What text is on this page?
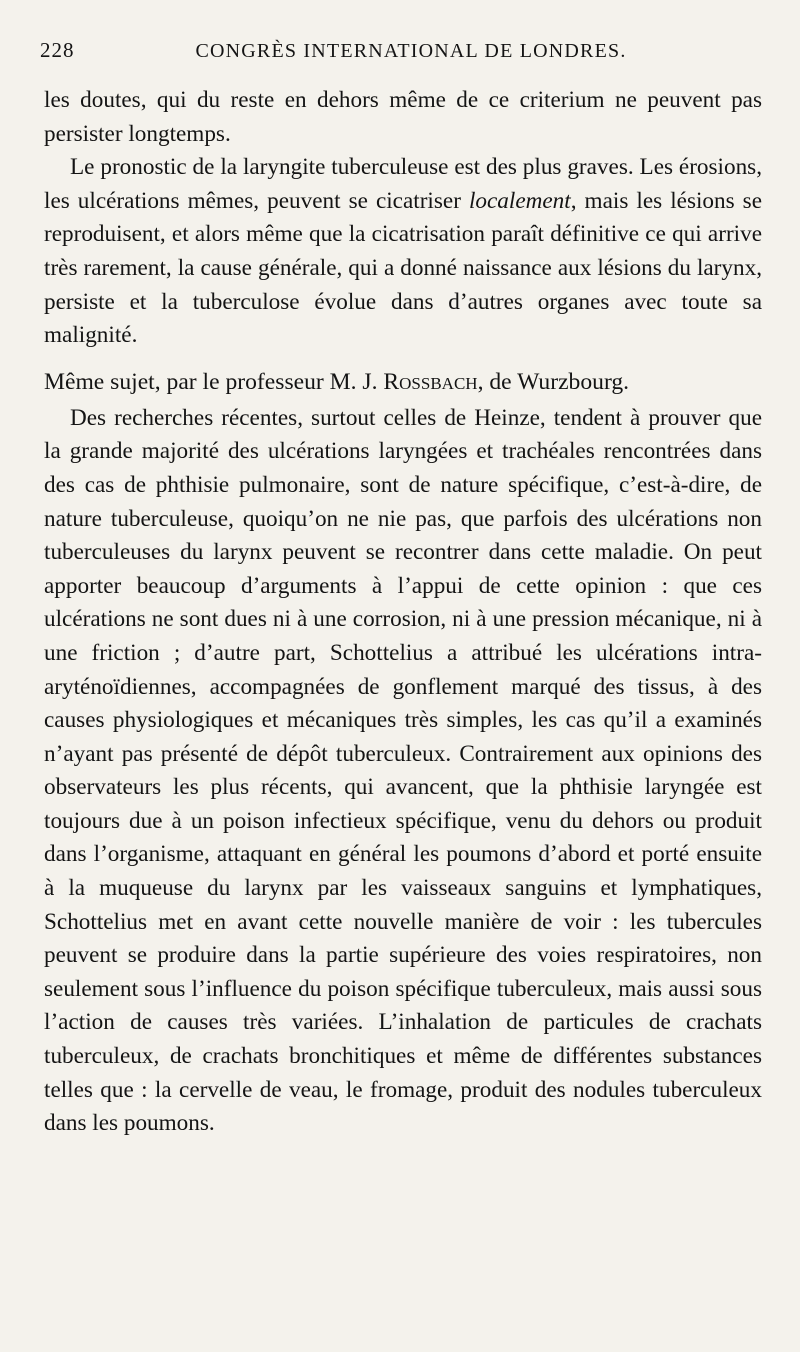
228	CONGRÈS INTERNATIONAL DE LONDRES.

les doutes, qui du reste en dehors même de ce criterium ne peuvent pas persister longtemps.

Le pronostic de la laryngite tuberculeuse est des plus graves. Les érosions, les ulcérations mêmes, peuvent se cicatriser localement, mais les lésions se reproduisent, et alors même que la cicatrisation paraît définitive ce qui arrive très rarement, la cause générale, qui a donné naissance aux lésions du larynx, persiste et la tuberculose évolue dans d’autres organes avec toute sa malignité.

Même sujet, par le professeur M. J. Rossbach, de Wurzbourg.

Des recherches récentes, surtout celles de Heinze, tendent à prouver que la grande majorité des ulcérations laryngées et trachéales rencontrées dans des cas de phthisie pulmonaire, sont de nature spécifique, c’est-à-dire, de nature tuberculeuse, quoiqu’on ne nie pas, que parfois des ulcérations non tuberculeuses du larynx peuvent se recontrer dans cette maladie. On peut apporter beaucoup d’arguments à l’appui de cette opinion : que ces ulcérations ne sont dues ni à une corrosion, ni à une pression mécanique, ni à une friction ; d’autre part, Schottelius a attribué les ulcérations intra-aryténoïdiennes, accompagnées de gonflement marqué des tissus, à des causes physiologiques et mécaniques très simples, les cas qu’il a examinés n’ayant pas présenté de dépôt tuberculeux. Contrairement aux opinions des observateurs les plus récents, qui avancent, que la phthisie laryngée est toujours due à un poison infectieux spécifique, venu du dehors ou produit dans l’organisme, attaquant en général les poumons d’abord et porté ensuite à la muqueuse du larynx par les vaisseaux sanguins et lymphatiques, Schottelius met en avant cette nouvelle manière de voir : les tubercules peuvent se produire dans la partie supérieure des voies respiratoires, non seulement sous l’influence du poison spécifique tuberculeux, mais aussi sous l’action de causes très variées. L’inhalation de particules de crachats tuberculeux, de crachats bronchitiques et même de différentes substances telles que : la cervelle de veau, le fromage, produit des nodules tuberculeux dans les poumons.
